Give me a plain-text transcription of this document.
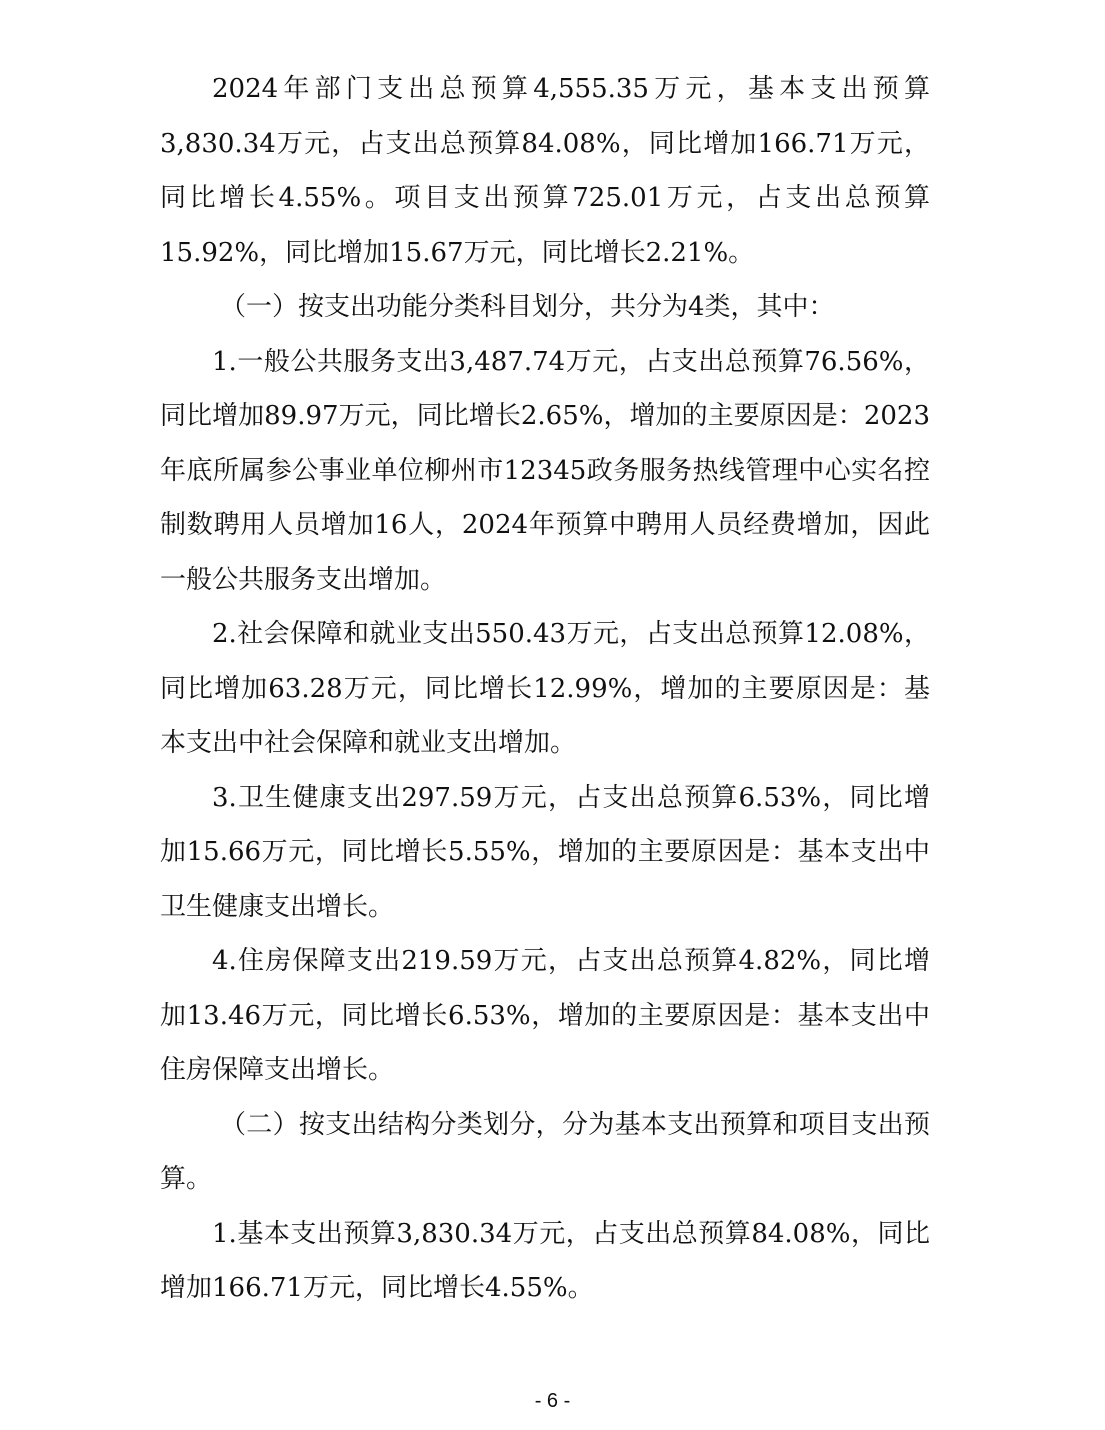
2024年部门支出总预算4,555.35万元，基本支出预算3,830.34万元，占支出总预算84.08%，同比增加166.71万元，同比增长4.55%。项目支出预算725.01万元，占支出总预算15.92%，同比增加15.67万元，同比增长2.21%。

（一）按支出功能分类科目划分，共分为4类，其中：

1.一般公共服务支出3,487.74万元，占支出总预算76.56%，同比增加89.97万元，同比增长2.65%，增加的主要原因是：2023年底所属参公事业单位柳州市12345政务服务热线管理中心实名控制数聘用人员增加16人，2024年预算中聘用人员经费增加，因此一般公共服务支出增加。

2.社会保障和就业支出550.43万元，占支出总预算12.08%，同比增加63.28万元，同比增长12.99%，增加的主要原因是：基本支出中社会保障和就业支出增加。

3.卫生健康支出297.59万元，占支出总预算6.53%，同比增加15.66万元，同比增长5.55%，增加的主要原因是：基本支出中卫生健康支出增长。

4.住房保障支出219.59万元，占支出总预算4.82%，同比增加13.46万元，同比增长6.53%，增加的主要原因是：基本支出中住房保障支出增长。

（二）按支出结构分类划分，分为基本支出预算和项目支出预算。

1.基本支出预算3,830.34万元，占支出总预算84.08%，同比增加166.71万元，同比增长4.55%。

- 6 -
